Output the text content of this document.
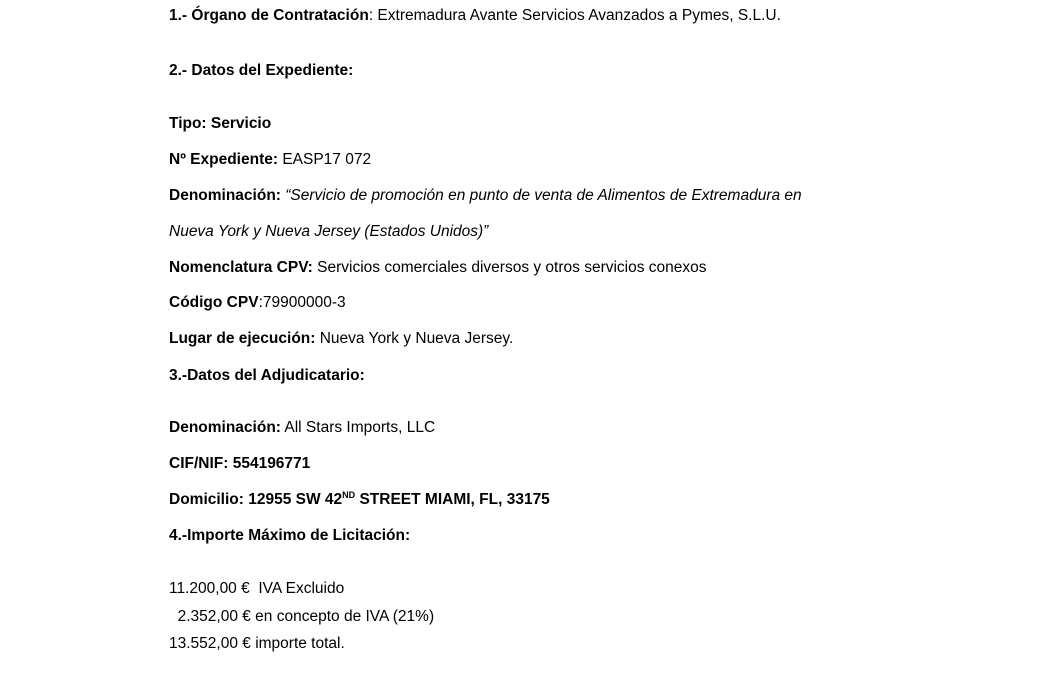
1.- Órgano de Contratación: Extremadura Avante Servicios Avanzados a Pymes, S.L.U.
2.- Datos del Expediente:
Tipo: Servicio
Nº Expediente: EASP17 072
Denominación: “Servicio de promoción en punto de venta de Alimentos de Extremadura en
Nueva York y Nueva Jersey (Estados Unidos)”
Nomenclatura CPV: Servicios comerciales diversos y otros servicios conexos
Código CPV:79900000-3
Lugar de ejecución: Nueva York y Nueva Jersey.
3.-Datos del Adjudicatario:
Denominación: All Stars Imports, LLC
CIF/NIF: 554196771
Domicilio: 12955 SW 42ND STREET MIAMI, FL, 33175
4.-Importe Máximo de Licitación:
11.200,00 €  IVA Excluido
2.352,00 € en concepto de IVA (21%)
13.552,00 € importe total.
